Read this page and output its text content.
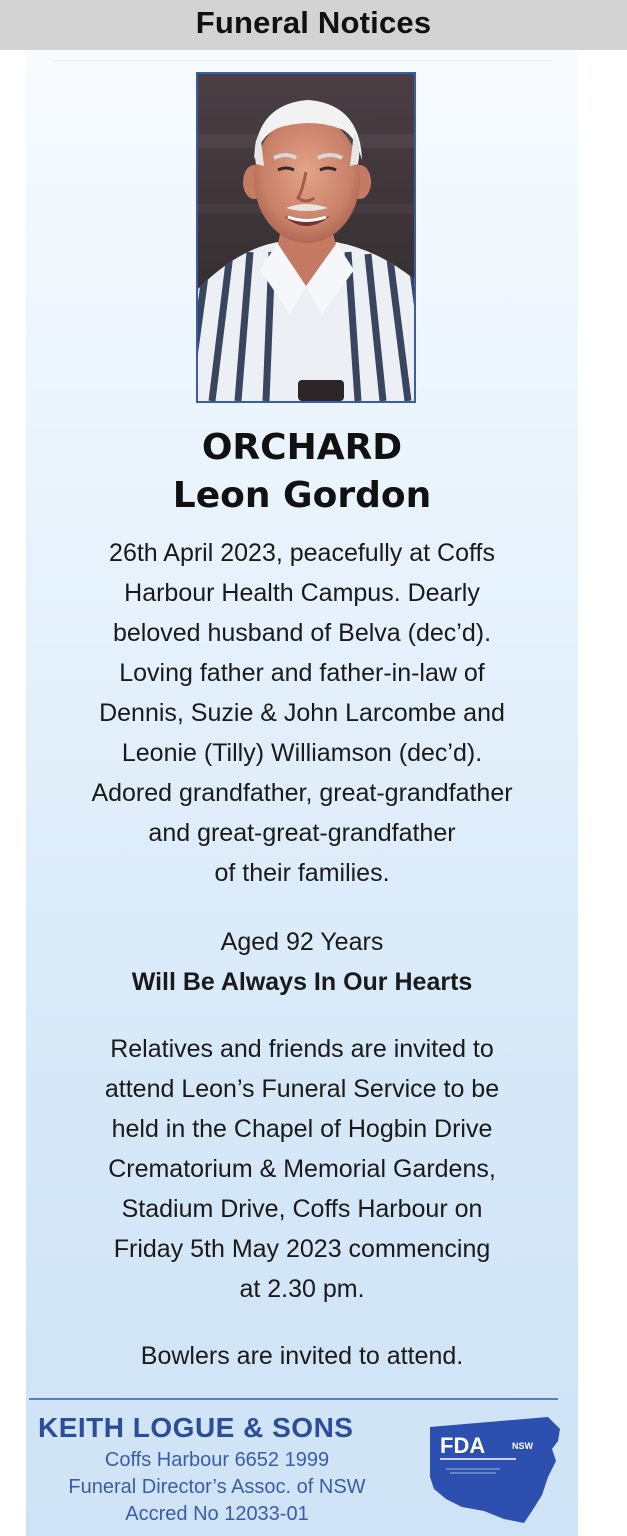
Funeral Notices
ORCHARD
Leon Gordon
26th April 2023, peacefully at Coffs
Harbour Health Campus. Dearly
beloved husband of Belva (dec’d).
Loving father and father-in-law of
Dennis, Suzie & John Larcombe and
Leonie (Tilly) Williamson (dec’d).
Adored grandfather, great-grandfather
and great-great-grandfather
of their families.
Aged 92 Years
Will Be Always In Our Hearts
Relatives and friends are invited to
attend Leon’s Funeral Service to be
held in the Chapel of Hogbin Drive
Crematorium & Memorial Gardens,
Stadium Drive, Coffs Harbour on
Friday 5th May 2023 commencing
at 2.30 pm.
Bowlers are invited to attend.
KEITH LOGUE & SONS
Coffs Harbour 6652 1999
Funeral Director’s Assoc. of NSW
Accred No 12033-01
FDA	NSW
